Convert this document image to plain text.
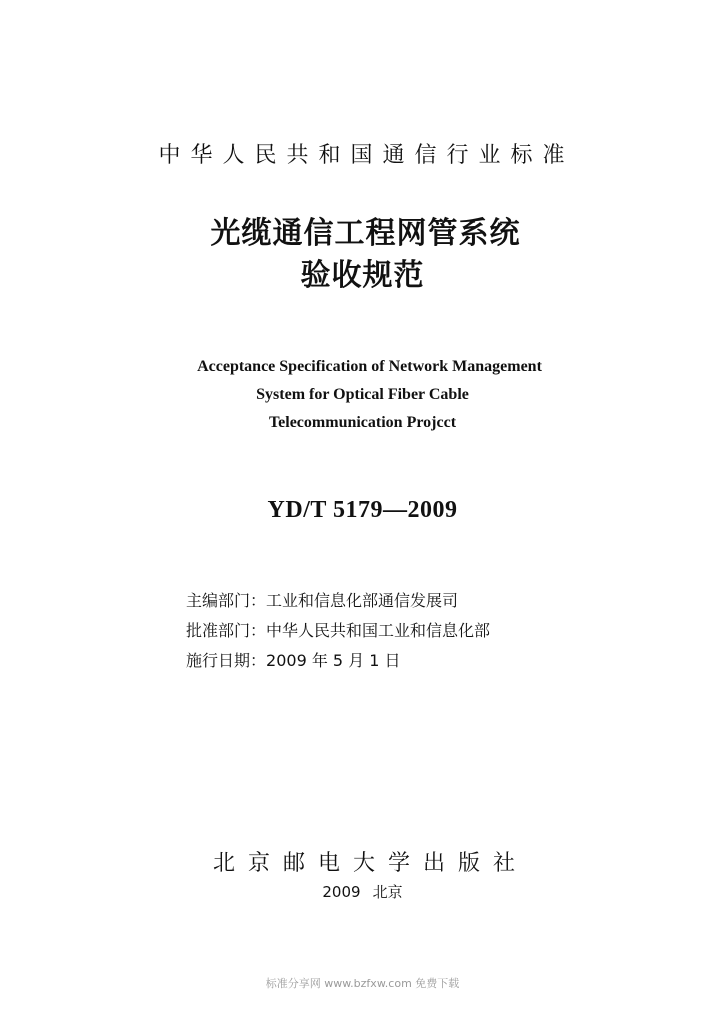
中华人民共和国通信行业标准
光缆通信工程网管系统
验收规范
Acceptance Specification of Network Management
System for Optical Fiber Cable
Telecommunication Projcct
YD/T 5179—2009
主编部门：工业和信息化部通信发展司
批准部门：中华人民共和国工业和信息化部
施行日期：2009 年 5 月 1 日
北京邮电大学出版社
2009 北京
标准分享网 www.bzfxw.com 免费下载
